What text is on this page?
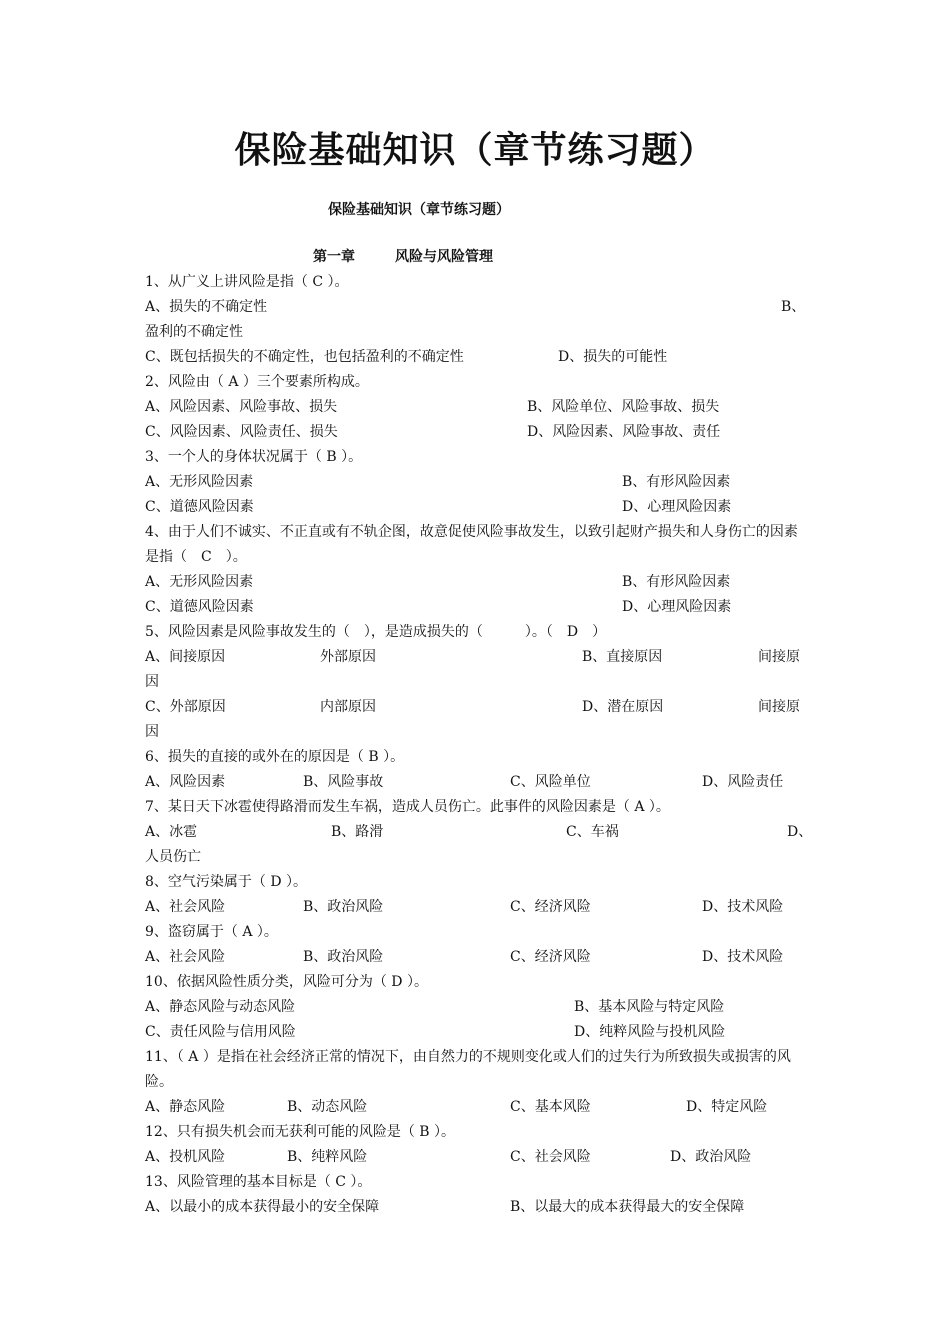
保险基础知识（章节练习题）
保险基础知识（章节练习题）
第一章	风险与风险管理
1、从广义上讲风险是指（ C ）。
A、损失的不确定性	B、
盈利的不确定性
C、既包括损失的不确定性，也包括盈利的不确定性	D、损失的可能性
2、风险由（ A ）三个要素所构成。
A、风险因素、风险事故、损失	B、风险单位、风险事故、损失
C、风险因素、风险责任、损失	D、风险因素、风险事故、责任
3、一个人的身体状况属于（ B ）。
A、无形风险因素	B、有形风险因素
C、道德风险因素	D、心理风险因素
4、由于人们不诚实、不正直或有不轨企图，故意促使风险事故发生，以致引起财产损失和人身伤亡的因素是指（　C　）。
A、无形风险因素	B、有形风险因素
C、道德风险因素	D、心理风险因素
5、风险因素是风险事故发生的（　），是造成损失的（　　　）。（　D　）
A、间接原因	外部原因	B、直接原因	间接原
因
C、外部原因	内部原因	D、潜在原因	间接原
因
6、损失的直接的或外在的原因是（ B ）。
A、风险因素	B、风险事故	C、风险单位	D、风险责任
7、某日天下冰雹使得路滑而发生车祸，造成人员伤亡。此事件的风险因素是（ A ）。
A、冰雹	B、路滑	C、车祸	D、
人员伤亡
8、空气污染属于（ D ）。
A、社会风险	B、政治风险	C、经济风险	D、技术风险
9、盗窃属于（ A ）。
A、社会风险	B、政治风险	C、经济风险	D、技术风险
10、依据风险性质分类，风险可分为（ D ）。
A、静态风险与动态风险	B、基本风险与特定风险
C、责任风险与信用风险	D、纯粹风险与投机风险
11、（ A ）是指在社会经济正常的情况下，由自然力的不规则变化或人们的过失行为所致损失或损害的风险。
A、静态风险	B、动态风险	C、基本风险	D、特定风险
12、只有损失机会而无获利可能的风险是（ B ）。
A、投机风险	B、纯粹风险	C、社会风险	D、政治风险
13、风险管理的基本目标是（ C ）。
A、以最小的成本获得最小的安全保障	B、以最大的成本获得最大的安全保障
